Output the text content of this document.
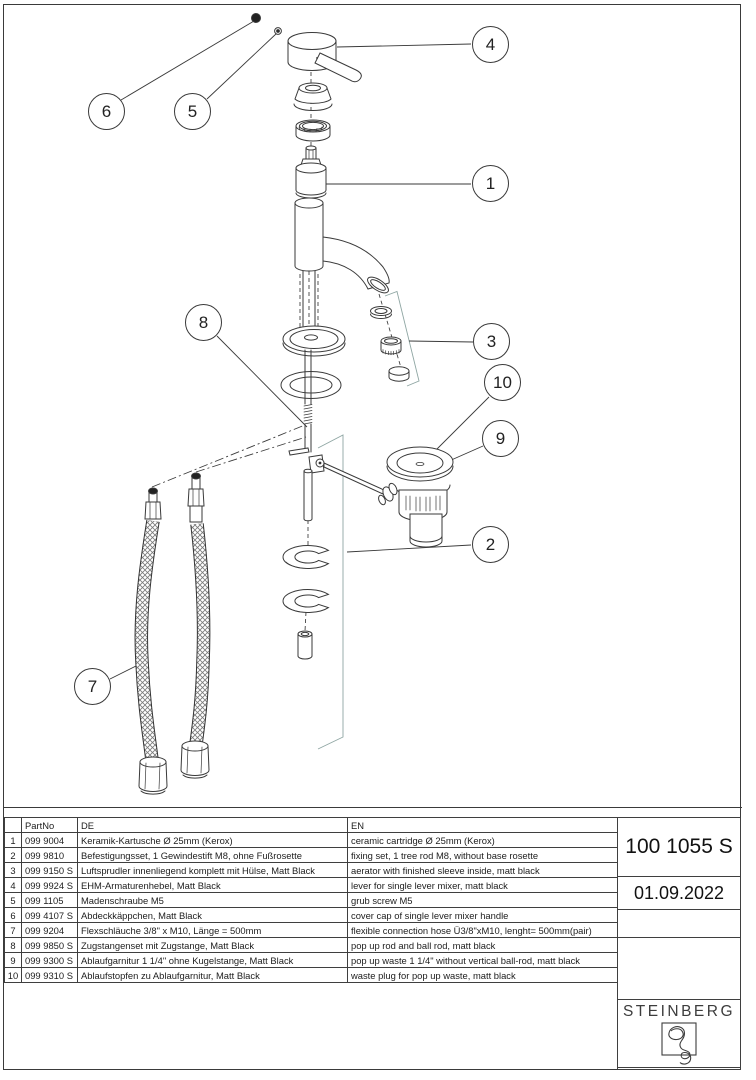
4
6	5
1
8
3
10
9
2
7
	PartNo	DE	EN
1	099 9004	Keramik-Kartusche Ø 25mm (Kerox)	ceramic cartridge Ø 25mm (Kerox)
2	099 9810	Befestigungsset, 1 Gewindestift M8, ohne Fußrosette	fixing set, 1 tree rod M8, without base rosette
3	099 9150 S	Luftsprudler innenliegend komplett mit Hülse, Matt Black	aerator with finished sleeve inside, matt black
4	099 9924 S	EHM-Armaturenhebel, Matt Black	lever for single lever mixer, matt black
5	099 1105	Madenschraube M5	grub screw M5
6	099 4107 S	Abdeckkäppchen, Matt Black	cover cap of single lever mixer handle
7	099 9204	Flexschläuche 3/8" x M10, Länge = 500mm	flexible connection hose Ü3/8"xM10, lenght= 500mm(pair)
8	099 9850 S	Zugstangenset mit Zugstange, Matt Black	pop up rod and ball rod, matt black
9	099 9300 S	Ablaufgarnitur 1 1/4" ohne Kugelstange, Matt Black	pop up waste 1 1/4" without vertical ball-rod, matt black
10	099 9310 S	Ablaufstopfen zu Ablaufgarnitur, Matt Black	waste plug for pop up waste, matt black
100 1055 S
01.09.2022
STEINBERG
